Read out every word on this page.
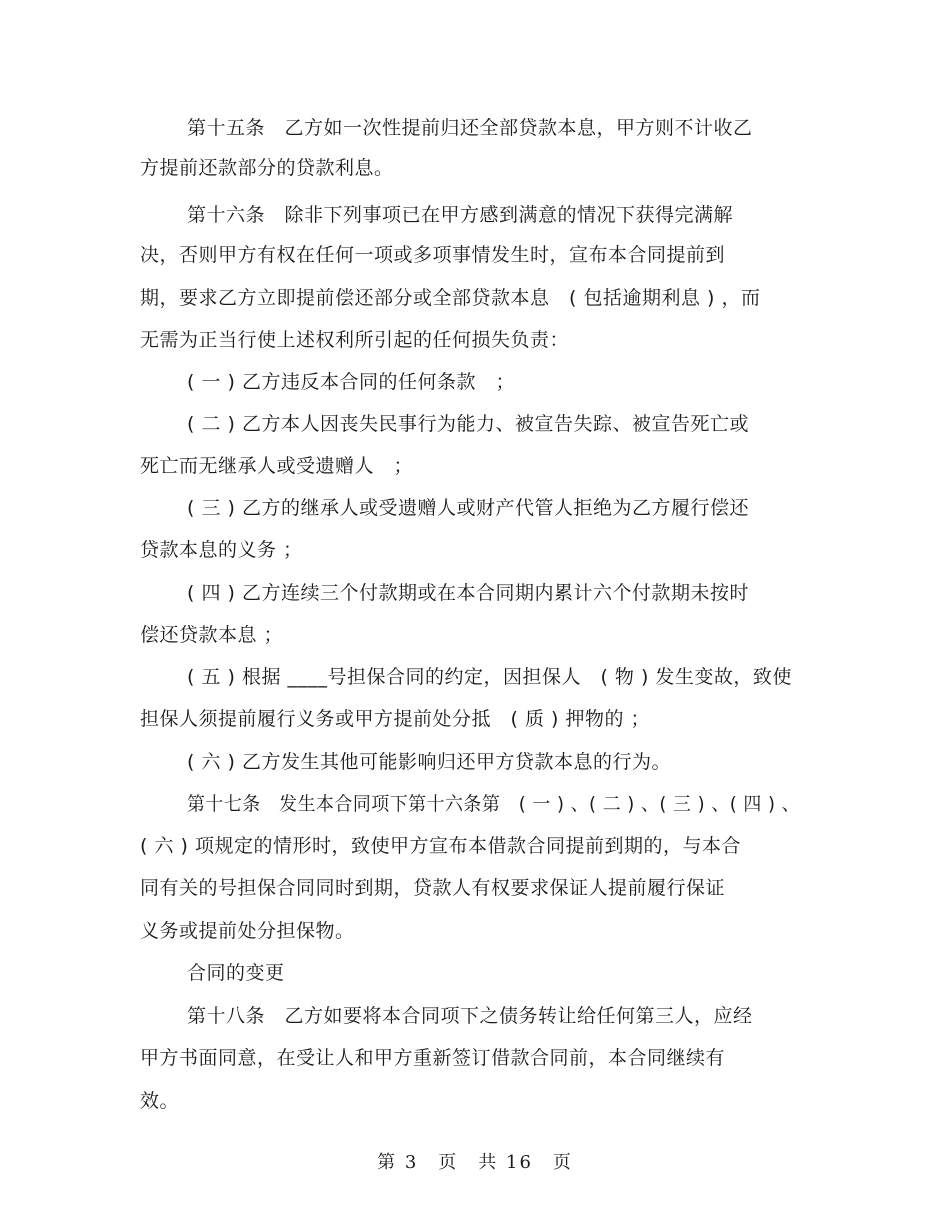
第十五条　乙方如一次性提前归还全部贷款本息，甲方则不计收乙
方提前还款部分的贷款利息。
第十六条　除非下列事项已在甲方感到满意的情况下获得完满解
决，否则甲方有权在任何一项或多项事情发生时，宣布本合同提前到
期，要求乙方立即提前偿还部分或全部贷款本息　( 包括逾期利息 ) ，而
无需为正当行使上述权利所引起的任何损失负责：
( 一 ) 乙方违反本合同的任何条款　；
( 二 ) 乙方本人因丧失民事行为能力、被宣告失踪、被宣告死亡或
死亡而无继承人或受遗赠人　；
( 三 ) 乙方的继承人或受遗赠人或财产代管人拒绝为乙方履行偿还
贷款本息的义务 ；
( 四 ) 乙方连续三个付款期或在本合同期内累计六个付款期未按时
偿还贷款本息 ；
( 五 ) 根据 ____号担保合同的约定，因担保人　( 物 ) 发生变故，致使
担保人须提前履行义务或甲方提前处分抵　( 质 ) 押物的 ；
( 六 ) 乙方发生其他可能影响归还甲方贷款本息的行为。
第十七条　发生本合同项下第十六条第　( 一 ) 、( 二 ) 、( 三 ) 、( 四 ) 、
( 六 ) 项规定的情形时，致使甲方宣布本借款合同提前到期的，与本合
同有关的号担保合同同时到期，贷款人有权要求保证人提前履行保证
义务或提前处分担保物。
合同的变更
第十八条　乙方如要将本合同项下之债务转让给任何第三人，应经
甲方书面同意，在受让人和甲方重新签订借款合同前，本合同继续有
效。
第 3　页　共 16　页
